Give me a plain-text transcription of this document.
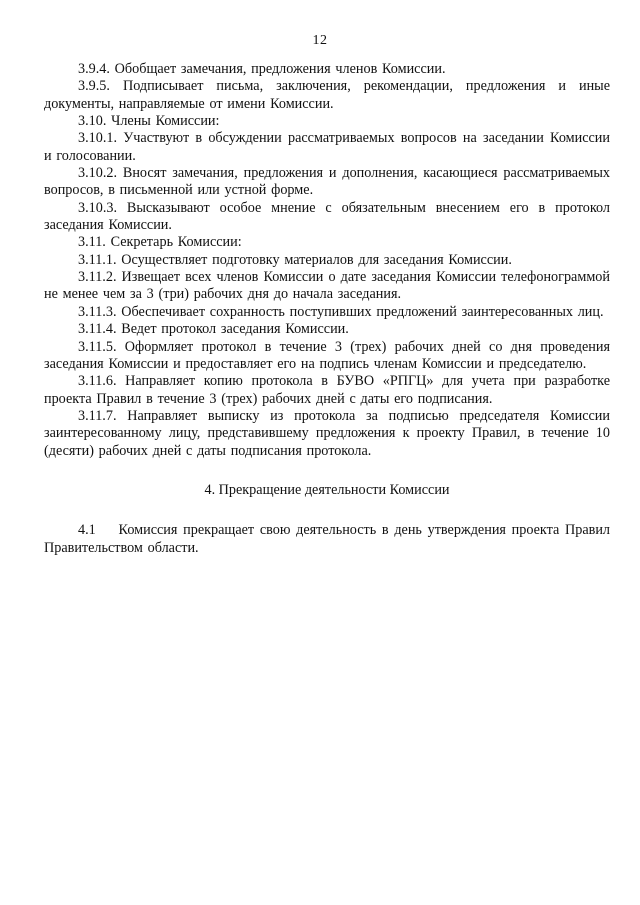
12

3.9.4. Обобщает замечания, предложения членов Комиссии.

3.9.5. Подписывает письма, заключения, рекомендации, предложения и иные документы, направляемые от имени Комиссии.

3.10. Члены Комиссии:

3.10.1. Участвуют в обсуждении рассматриваемых вопросов на заседании Комиссии и голосовании.

3.10.2. Вносят замечания, предложения и дополнения, касающиеся рассматриваемых вопросов, в письменной или устной форме.

3.10.3. Высказывают особое мнение с обязательным внесением его в протокол заседания Комиссии.

3.11. Секретарь Комиссии:

3.11.1. Осуществляет подготовку материалов для заседания Комиссии.

3.11.2. Извещает всех членов Комиссии о дате заседания Комиссии телефонограммой не менее чем за 3 (три) рабочих дня до начала заседания.

3.11.3. Обеспечивает сохранность поступивших предложений заинтересованных лиц.

3.11.4. Ведет протокол заседания Комиссии.

3.11.5. Оформляет протокол в течение 3 (трех) рабочих дней со дня проведения заседания Комиссии и предоставляет его на подпись членам Комиссии и председателю.

3.11.6. Направляет копию протокола в БУВО «РПГЦ» для учета при разработке проекта Правил в течение 3 (трех) рабочих дней с даты его подписания.

3.11.7. Направляет выписку из протокола за подписью председателя Комиссии заинтересованному лицу, представившему предложения к проекту Правил, в течение 10 (десяти) рабочих дней с даты подписания протокола.

4. Прекращение деятельности Комиссии

4.1    Комиссия прекращает свою деятельность в день утверждения проекта Правил Правительством области.
